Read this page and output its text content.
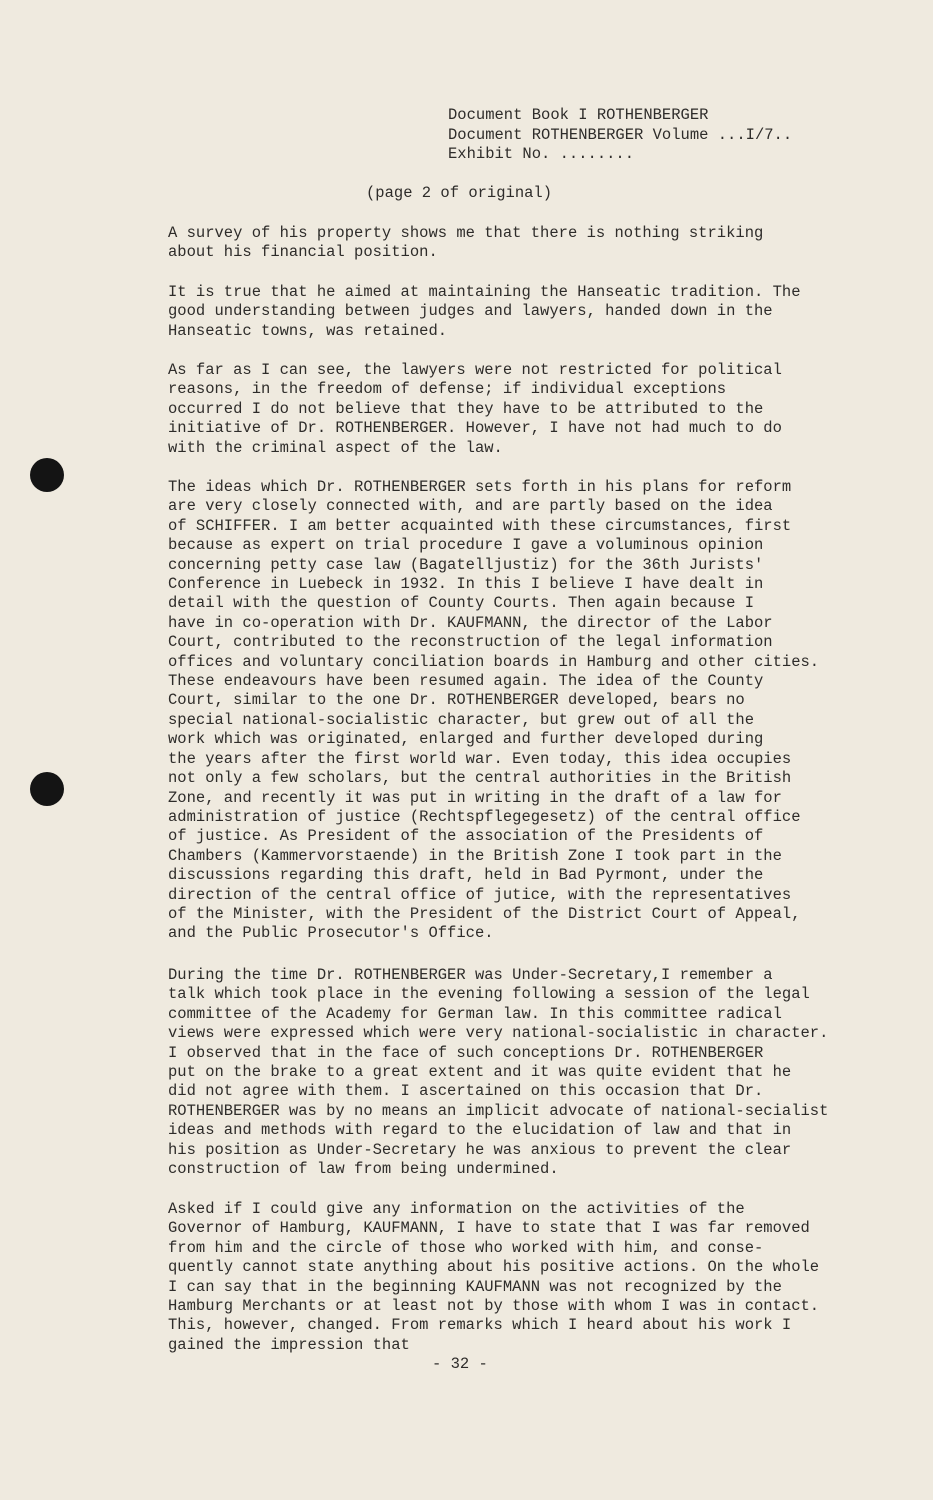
Document Book I ROTHENBERGER
Document ROTHENBERGER Volume ...I/7..
Exhibit No. ........
(page 2 of original)
A survey of his property shows me that there is nothing striking
about his financial position.
It is true that he aimed at maintaining the Hanseatic tradition. The
good understanding between judges and lawyers, handed down in the
Hanseatic towns, was retained.
As far as I can see, the lawyers were not restricted for political
reasons, in the freedom of defense; if individual exceptions
occurred I do not believe that they have to be attributed to the
initiative of Dr. ROTHENBERGER. However, I have not had much to do
with the criminal aspect of the law.
The ideas which Dr. ROTHENBERGER sets forth in his plans for reform
are very closely connected with, and are partly based on the idea
of SCHIFFER. I am better acquainted with these circumstances, first
because as expert on trial procedure I gave a voluminous opinion
concerning petty case law (Bagatelljustiz) for the 36th Jurists'
Conference in Luebeck in 1932. In this I believe I have dealt in
detail with the question of County Courts. Then again because I
have in co-operation with Dr. KAUFMANN, the director of the Labor
Court, contributed to the reconstruction of the legal information
offices and voluntary conciliation boards in Hamburg and other cities.
These endeavours have been resumed again. The idea of the County
Court, similar to the one Dr. ROTHENBERGER developed, bears no
special national-socialistic character, but grew out of all the
work which was originated, enlarged and further developed during
the years after the first world war. Even today, this idea occupies
not only a few scholars, but the central authorities in the British
Zone, and recently it was put in writing in the draft of a law for
administration of justice (Rechtspflegegesetz) of the central office
of justice. As President of the association of the Presidents of
Chambers (Kammervorstaende) in the British Zone I took part in the
discussions regarding this draft, held in Bad Pyrmont, under the
direction of the central office of jutice, with the representatives
of the Minister, with the President of the District Court of Appeal,
and the Public Prosecutor's Office.
During the time Dr. ROTHENBERGER was Under-Secretary,I remember a
talk which took place in the evening following a session of the legal
committee of the Academy for German law. In this committee radical
views were expressed which were very national-socialistic in character.
I observed that in the face of such conceptions Dr. ROTHENBERGER
put on the brake to a great extent and it was quite evident that he
did not agree with them. I ascertained on this occasion that Dr.
ROTHENBERGER was by no means an implicit advocate of national-secialist
ideas and methods with regard to the elucidation of law and that in
his position as Under-Secretary he was anxious to prevent the clear
construction of law from being undermined.
Asked if I could give any information on the activities of the
Governor of Hamburg, KAUFMANN, I have to state that I was far removed
from him and the circle of those who worked with him, and conse-
quently cannot state anything about his positive actions. On the whole
I can say that in the beginning KAUFMANN was not recognized by the
Hamburg Merchants or at least not by those with whom I was in contact.
This, however, changed. From remarks which I heard about his work I
gained the impression that
- 32 -
